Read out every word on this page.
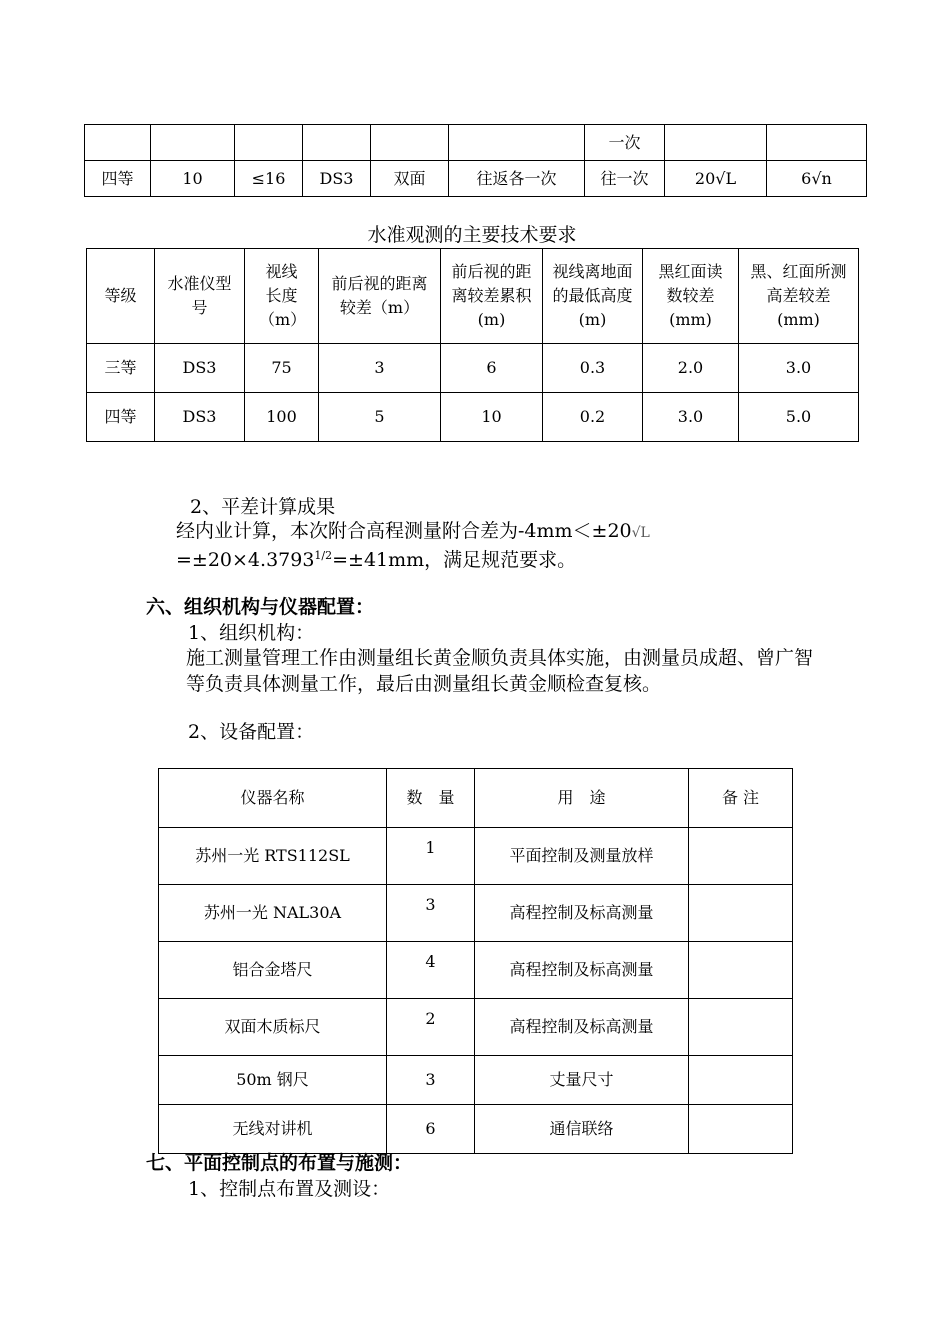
						一次		
四等	10	≤16	DS3	双面	往返各一次	往一次	20√L	6√n
水准观测的主要技术要求
等级	水准仪型号	视线长度（m）	前后视的距离较差（m）	前后视的距离较差累积(m)	视线离地面的最低高度(m)	黑红面读数较差(mm)	黑、红面所测高差较差(mm)
三等	DS3	75	3	6	0.3	2.0	3.0
四等	DS3	100	5	10	0.2	3.0	5.0
2、平差计算成果
经内业计算，本次附合高程测量附合差为-4mm＜±20√L
$=\pm 20\times 4.3793^{1/2}=\pm 41mm$，满足规范要求。
六、组织机构与仪器配置：
1、组织机构：
施工测量管理工作由测量组长黄金顺负责具体实施，由测量员成超、曾广智等负责具体测量工作，最后由测量组长黄金顺检查复核。
2、设备配置：
仪器名称	数　量	用　途	备 注
苏州一光 RTS112SL	1	平面控制及测量放样	
苏州一光 NAL30A	3	高程控制及标高测量	
铝合金塔尺	4	高程控制及标高测量	
双面木质标尺	2	高程控制及标高测量	
50m 钢尺	3	丈量尺寸	
无线对讲机	6	通信联络	
七、平面控制点的布置与施测：
1、控制点布置及测设：
